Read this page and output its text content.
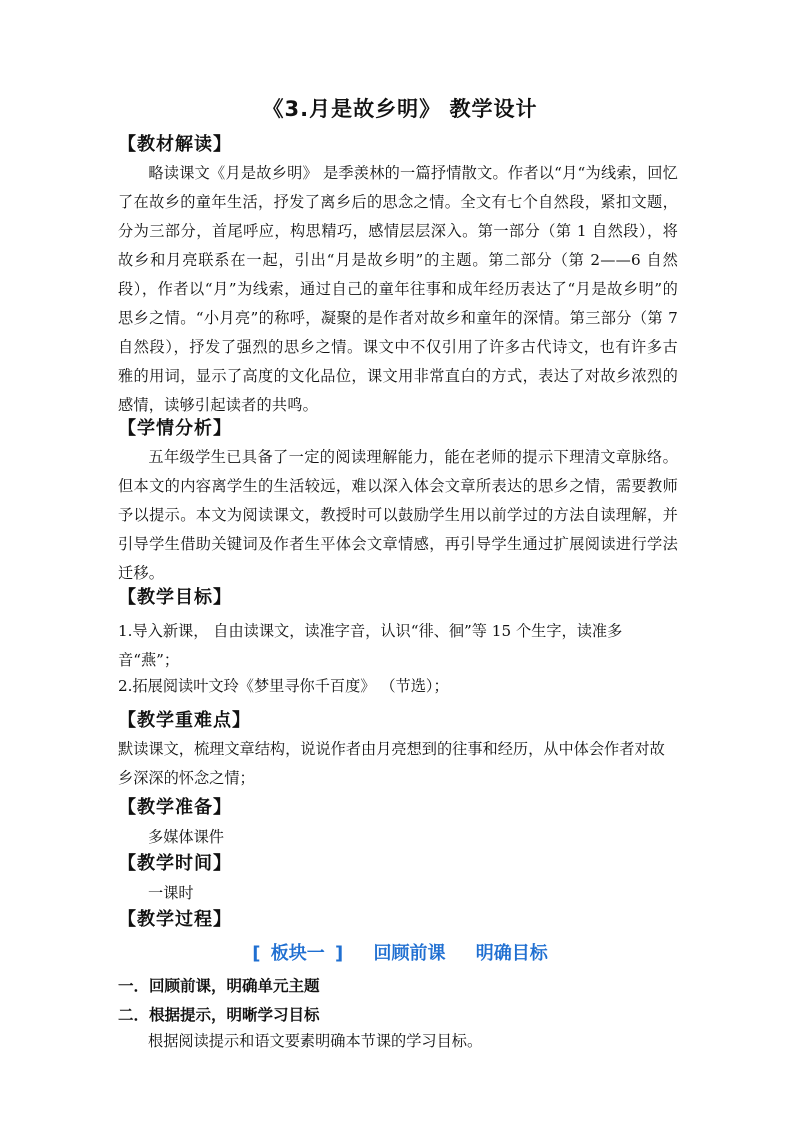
《3.月是故乡明》 教学设计
【教材解读】
略读课文《月是故乡明》 是季羡林的一篇抒情散文。作者以“月“为线索，回忆了在故乡的童年生活，抒发了离乡后的思念之情。全文有七个自然段，紧扣文题，分为三部分，首尾呼应，构思精巧，感情层层深入。第一部分（第 1 自然段），将故乡和月亮联系在一起，引出“月是故乡明”的主题。第二部分（第 2——6 自然段），作者以“月”为线索，通过自己的童年往事和成年经历表达了“月是故乡明”的思乡之情。“小月亮”的称呼，凝聚的是作者对故乡和童年的深情。第三部分（第 7 自然段），抒发了强烈的思乡之情。课文中不仅引用了许多古代诗文，也有许多古雅的用词，显示了高度的文化品位，课文用非常直白的方式，表达了对故乡浓烈的感情，读够引起读者的共鸣。
【学情分析】
五年级学生已具备了一定的阅读理解能力，能在老师的提示下理清文章脉络。但本文的内容离学生的生活较远，难以深入体会文章所表达的思乡之情，需要教师予以提示。本文为阅读课文，教授时可以鼓励学生用以前学过的方法自读理解，并引导学生借助关键词及作者生平体会文章情感，再引导学生通过扩展阅读进行学法迁移。
【教学目标】
1.导入新课， 自由读课文，读准字音，认识“徘、徊”等 15 个生字，读准多音“燕”；
2.拓展阅读叶文玲《梦里寻你千百度》 （节选）；
【教学重难点】
默读课文，梳理文章结构，说说作者由月亮想到的往事和经历，从中体会作者对故乡深深的怀念之情；
【教学准备】
多媒体课件
【教学时间】
一课时
【教学过程】
[ 板块一 ] 回顾前课 明确目标
一．回顾前课，明确单元主题
二．根据提示，明晰学习目标
根据阅读提示和语文要素明确本节课的学习目标。
